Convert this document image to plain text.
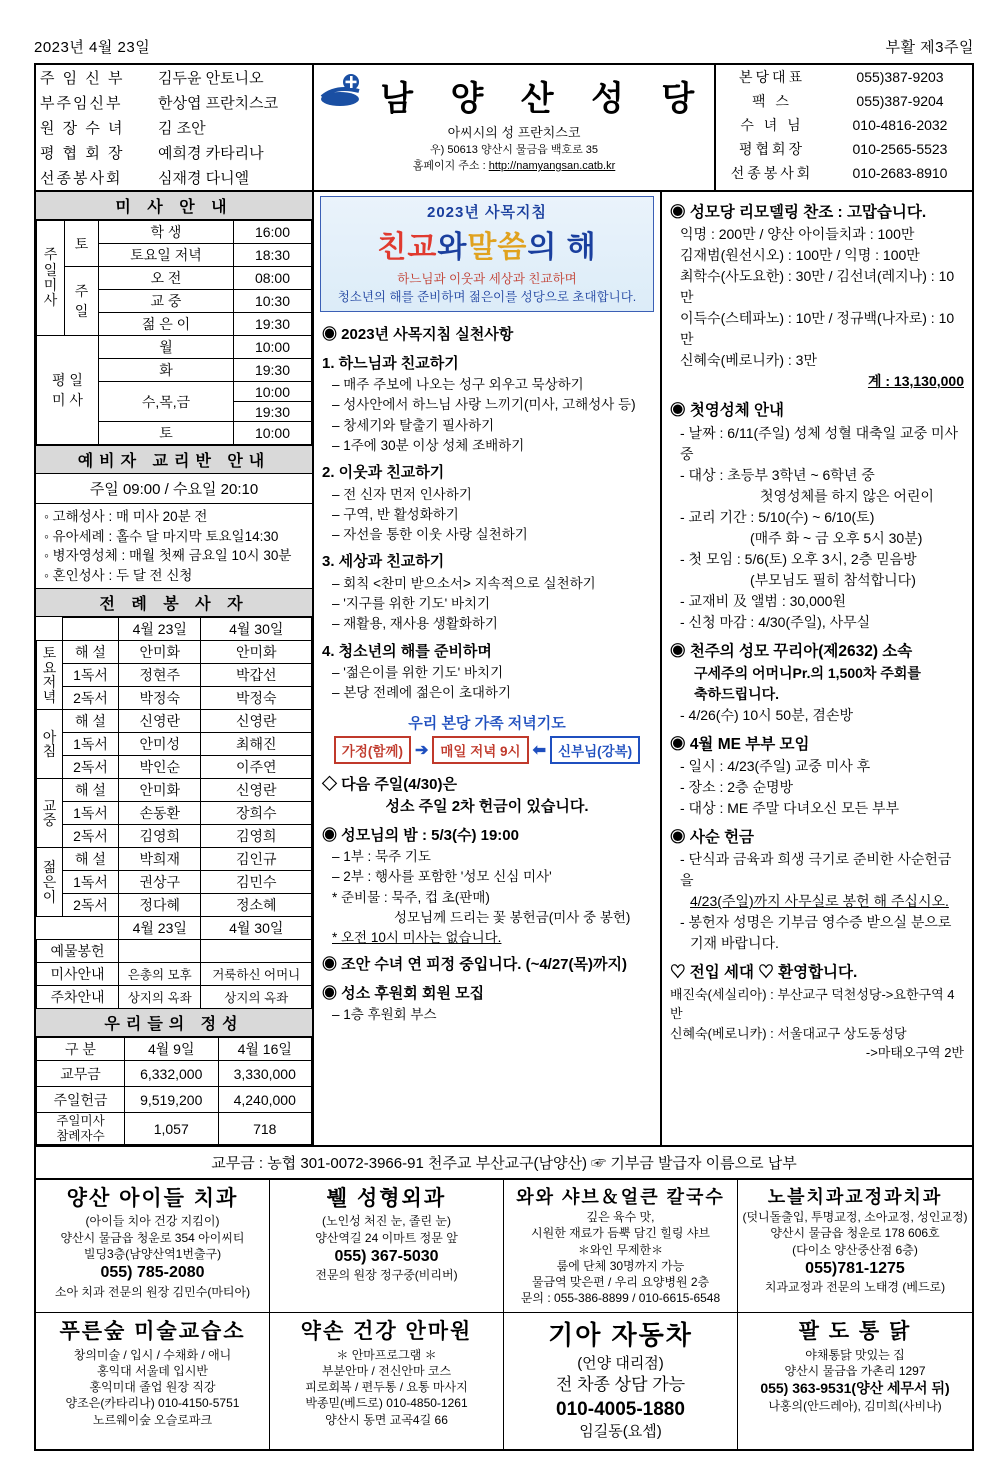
2023년 4월 23일	부활 제3주일
주 임 신 부	김두윤 안토니오
부주임신부	한상엽 프란치스코
원 장 수 녀	김 조안
평 협 회 장	예희경 카타리나
선종봉사회	심재경 다니엘
남 양 산 성 당
아씨시의 성 프란치스코
우) 50613 양산시 물금읍 백호로 35
홈페이지 주소 : http://namyangsan.catb.kr
본당대표	055)387-9203
팩 스	055)387-9204
수 녀 님	010-4816-2032
평협회장	010-2565-5523
선종봉사회	010-2683-8910
미 사 안 내
주
일
미
사	토	학 생	16:00
		토요일 저녁	18:30
	주
일	오 전	08:00
		교 중	10:30
		젊 은 이	19:30
평 일
미 사		월	10:00
		화	19:30
		수,목,금	10:00
			19:30
		토	10:00
예비자 교리반 안내
주일 09:00 / 수요일 20:10
◦ 고해성사 : 매 미사 20분 전
◦ 유아세례 : 홀수 달 마지막 토요일14:30
◦ 병자영성체 : 매월 첫째 금요일 10시 30분
◦ 혼인성사 : 두 달 전 신청
전 례 봉 사 자
		4월 23일	4월 30일
토
요
저
녁	해 설	안미화	안미화
	1독서	정현주	박갑선
	2독서	박정숙	박정숙
아
침	해 설	신영란	신영란
	1독서	안미성	최해진
	2독서	박인순	이주연
교
중	해 설	안미화	신영란
	1독서	손동환	장희수
	2독서	김영희	김영희
젊
은
이	해 설	박희재	김인규
	1독서	권상구	김민수
	2독서	정다혜	정소혜
		4월 23일	4월 30일
예물봉헌			
미사안내		은총의 모후	거룩하신 어머니
주차안내		상지의 옥좌	상지의 옥좌
우리들의 정성
구 분	4월 9일	4월 16일
교무금	6,332,000	3,330,000
주일헌금	9,519,200	4,240,000
주일미사
참례자수	1,057	718
2023년 사목지침
친교와말씀의 해
하느님과 이웃과 세상과 친교하며
청소년의 해를 준비하며 젊은이를 성당으로 초대합니다.
◉ 2023년 사목지침 실천사항
1. 하느님과 친교하기
– 매주 주보에 나오는 성구 외우고 묵상하기
– 성사안에서 하느님 사랑 느끼기(미사, 고해성사 등)
– 창세기와 탈출기 필사하기
– 1주에 30분 이상 성체 조배하기
2. 이웃과 친교하기
– 전 신자 먼저 인사하기
– 구역, 반 활성화하기
– 자선을 통한 이웃 사랑 실천하기
3. 세상과 친교하기
– 회칙 <찬미 받으소서> 지속적으로 실천하기
– '지구를 위한 기도' 바치기
– 재활용, 재사용 생활화하기
4. 청소년의 해를 준비하며
– '젊은이를 위한 기도' 바치기
– 본당 전례에 젊은이 초대하기
우리 본당 가족 저녁기도
가정(함께) ➔ 매일 저녁 9시 ⬅ 신부님(강복)
◇ 다음 주일(4/30)은
성소 주일 2차 헌금이 있습니다.
◉ 성모님의 밤 : 5/3(수) 19:00
– 1부 : 묵주 기도
– 2부 : 행사를 포함한 '성모 신심 미사'
* 준비물 : 묵주, 컵 초(판매)
성모님께 드리는 꽃 봉헌금(미사 중 봉헌)
* 오전 10시 미사는 없습니다.
◉ 조안 수녀 연 피정 중입니다. (~4/27(목)까지)
◉ 성소 후원회 회원 모집
– 1층 후원회 부스
◉ 성모당 리모델링 찬조 : 고맙습니다.
익명 : 200만 / 양산 아이들치과 : 100만
김재범(원선시오) : 100만 / 익명 : 100만
최학수(사도요한) : 30만 / 김선녀(레지나) : 10만
이득수(스테파노) : 10만 / 정규백(나자로) : 10만
신혜숙(베로니카) : 3만
계 : 13,130,000
◉ 첫영성체 안내
- 날짜 : 6/11(주일) 성체 성혈 대축일 교중 미사 중
- 대상 : 초등부 3학년 ~ 6학년 중
첫영성체를 하지 않은 어린이
- 교리 기간 : 5/10(수) ~ 6/10(토)
(매주 화 ~ 금 오후 5시 30분)
- 첫 모임 : 5/6(토) 오후 3시, 2층 믿음방
(부모님도 필히 참석합니다)
- 교재비 及 앨범 : 30,000원
- 신청 마감 : 4/30(주일), 사무실
◉ 천주의 성모 꾸리아(제2632) 소속
구세주의 어머니Pr.의 1,500차 주회를
축하드립니다.
- 4/26(수) 10시 50분, 겸손방
◉ 4월 ME 부부 모임
- 일시 : 4/23(주일) 교중 미사 후
- 장소 : 2층 순명방
- 대상 : ME 주말 다녀오신 모든 부부
◉ 사순 헌금
- 단식과 금육과 희생 극기로 준비한 사순헌금을
4/23(주일)까지 사무실로 봉헌 해 주십시오.
- 봉헌자 성명은 기부금 영수증 받으실 분으로
기재 바랍니다.
♡ 전입 세대 ♡ 환영합니다.
배진숙(세실리아) : 부산교구 덕천성당->요한구역 4반
신혜숙(베로니카) : 서울대교구 상도동성당
->마태오구역 2반
교무금 : 농협 301-0072-3966-91 천주교 부산교구(남양산) ☞ 기부금 발급자 이름으로 납부
양산 아이들 치과
(아이들 치아 건강 지킴이)
양산시 물금읍 청운로 354 아이씨티
빌딩3층(남양산역1번출구)
055) 785-2080
소아 치과 전문의 원장 김민수(마티아)
뷀 성형외과
(노인성 처진 눈, 졸린 눈)
양산역길 24 이마트 정문 앞
055) 367-5030
전문의 원장 정구중(비리버)
와와 샤브＆얼큰 칼국수
깊은 육수 맛,
시원한 재료가 듬뿍 담긴 힐링 샤브
＊와인 무제한＊
룸에 단체 30명까지 가능
물금역 맞은편 / 우리 요양병원 2층
문의 : 055-386-8899 / 010-6615-6548
노블치과교정과치과
(덧니돌출입, 투명교정, 소아교정, 성인교정)
양산시 물금읍 청운로 178 606호
(다이소 양산중산점 6층)
055)781-1275
치과교정과 전문의 노태경 (베드로)
푸른숲 미술교습소
창의미술 / 입시 / 수채화 / 애니
홍익대 서울데 입시반
홍익미대 졸업 원장 직강
양조은(카타리나) 010-4150-5751
노르웨이숲 오슬로파크
약손 건강 안마원
＊ 안마프로그램 ＊
부분안마 / 전신안마 코스
피로회복 / 편두통 / 요통 마사지
박종믿(베드로) 010-4850-1261
양산시 동면 교곡4길 66
기아 자동차
(언양 대리점)
전 차종 상담 가능
010-4005-1880
임길동(요셉)
팔 도 통 닭
야채통닭 맛있는 집
양산시 물금읍 가촌리 1297
055) 363-9531(양산 세무서 뒤)
나홍의(안드레아), 김미희(사비나)
